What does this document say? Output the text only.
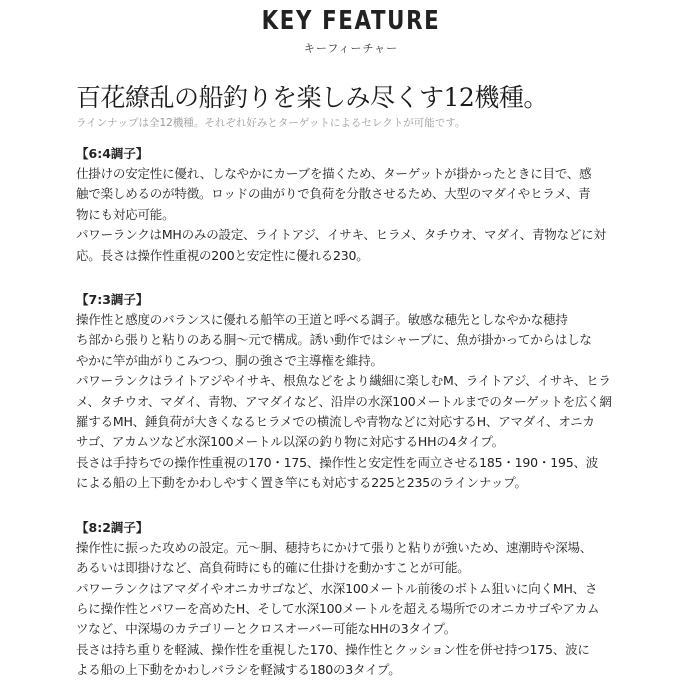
KEY FEATURE
キーフィーチャー
百花繚乱の船釣りを楽しみ尽くす12機種。
ラインナップは全12機種。それぞれ好みとターゲットによるセレクトが可能です。
【6:4調子】
仕掛けの安定性に優れ、しなやかにカーブを描くため、ターゲットが掛かったときに目で、感
触で楽しめるのが特徴。ロッドの曲がりで負荷を分散させるため、大型のマダイやヒラメ、青
物にも対応可能。
パワーランクはMHのみの設定、ライトアジ、イサキ、ヒラメ、タチウオ、マダイ、青物などに対
応。長さは操作性重視の200と安定性に優れる230。
【7:3調子】
操作性と感度のバランスに優れる船竿の王道と呼べる調子。敏感な穂先としなやかな穂持
ち部から張りと粘りのある胴〜元で構成。誘い動作ではシャープに、魚が掛かってからはしな
やかに竿が曲がりこみつつ、胴の強さで主導権を維持。
パワーランクはライトアジやイサキ、根魚などをより繊細に楽しむM、ライトアジ、イサキ、ヒラ
メ、タチウオ、マダイ、青物、アマダイなど、沿岸の水深100メートルまでのターゲットを広く網
羅するMH、錘負荷が大きくなるヒラメでの横流しや青物などに対応するH、アマダイ、オニカ
サゴ、アカムツなど水深100メートル以深の釣り物に対応するHHの4タイプ。
長さは手持ちでの操作性重視の170・175、操作性と安定性を両立させる185・190・195、波
による船の上下動をかわしやすく置き竿にも対応する225と235のラインナップ。
【8:2調子】
操作性に振った攻めの設定。元〜胴、穂持ちにかけて張りと粘りが強いため、速潮時や深場、
あるいは即掛けなど、高負荷時にも的確に仕掛けを動かすことが可能。
パワーランクはアマダイやオニカサゴなど、水深100メートル前後のボトム狙いに向くMH、さ
らに操作性とパワーを高めたH、そして水深100メートルを超える場所でのオニカサゴやアカム
ツなど、中深場のカテゴリーとクロスオーバー可能なHHの3タイプ。
長さは持ち重りを軽減、操作性を重視した170、操作性とクッション性を併せ持つ175、波に
よる船の上下動をかわしバラシを軽減する180の3タイプ。
